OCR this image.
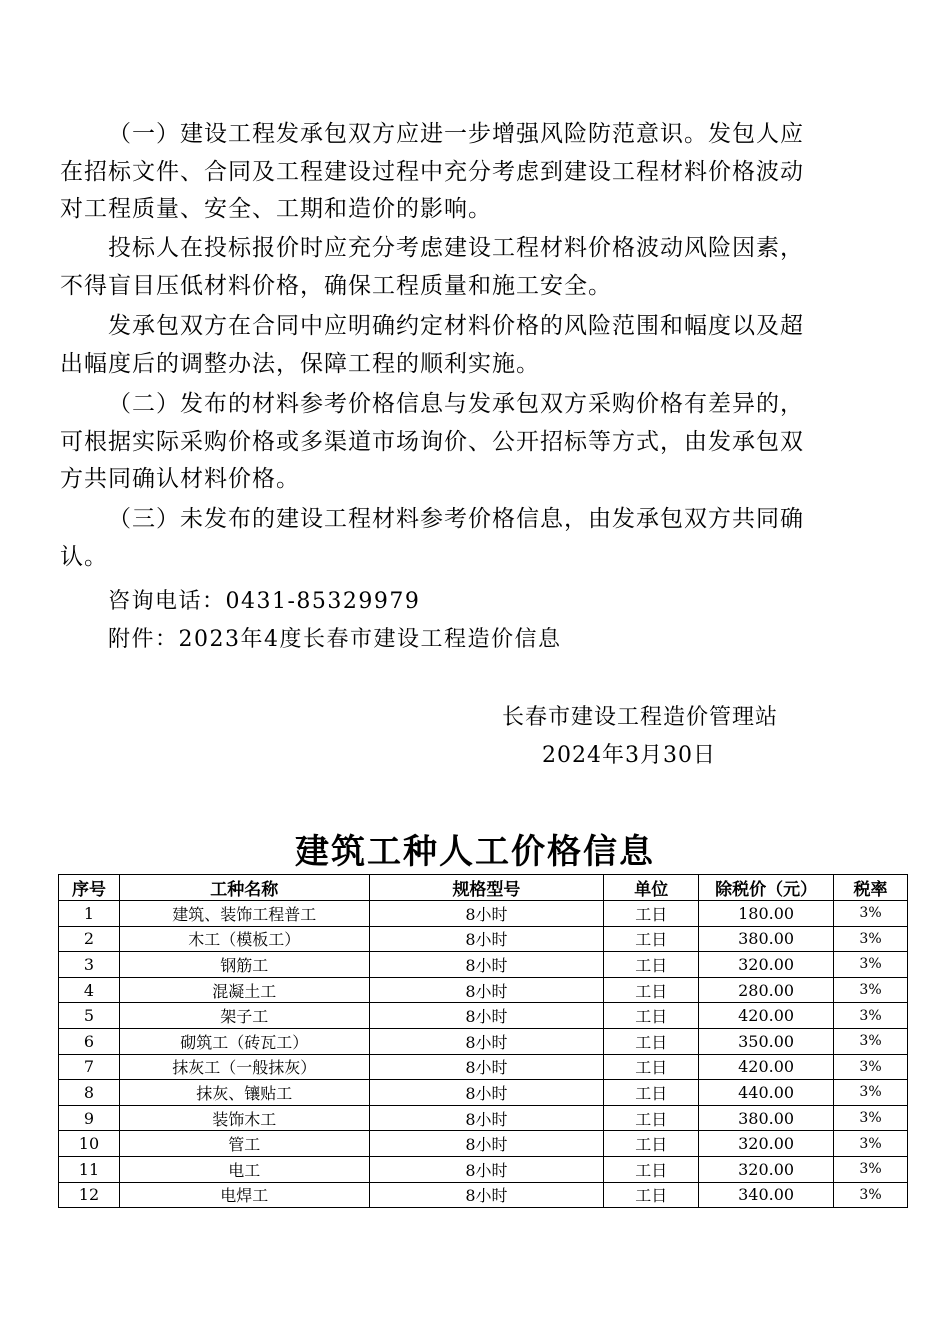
（一）建设工程发承包双方应进一步增强风险防范意识。发包人应在招标文件、合同及工程建设过程中充分考虑到建设工程材料价格波动对工程质量、安全、工期和造价的影响。

投标人在投标报价时应充分考虑建设工程材料价格波动风险因素，不得盲目压低材料价格，确保工程质量和施工安全。

发承包双方在合同中应明确约定材料价格的风险范围和幅度以及超出幅度后的调整办法，保障工程的顺利实施。

（二）发布的材料参考价格信息与发承包双方采购价格有差异的，可根据实际采购价格或多渠道市场询价、公开招标等方式，由发承包双方共同确认材料价格。

（三）未发布的建设工程材料参考价格信息，由发承包双方共同确认。

咨询电话：0431-85329979

附件：2023年4度长春市建设工程造价信息

长春市建设工程造价管理站

2024年3月30日

建筑工种人工价格信息
序号	工种名称	规格型号	单位	除税价（元）	税率
1	建筑、装饰工程普工	8小时	工日	180.00	3%
2	木工（模板工）	8小时	工日	380.00	3%
3	钢筋工	8小时	工日	320.00	3%
4	混凝土工	8小时	工日	280.00	3%
5	架子工	8小时	工日	420.00	3%
6	砌筑工（砖瓦工）	8小时	工日	350.00	3%
7	抹灰工（一般抹灰）	8小时	工日	420.00	3%
8	抹灰、镶贴工	8小时	工日	440.00	3%
9	装饰木工	8小时	工日	380.00	3%
10	管工	8小时	工日	320.00	3%
11	电工	8小时	工日	320.00	3%
12	电焊工	8小时	工日	340.00	3%
